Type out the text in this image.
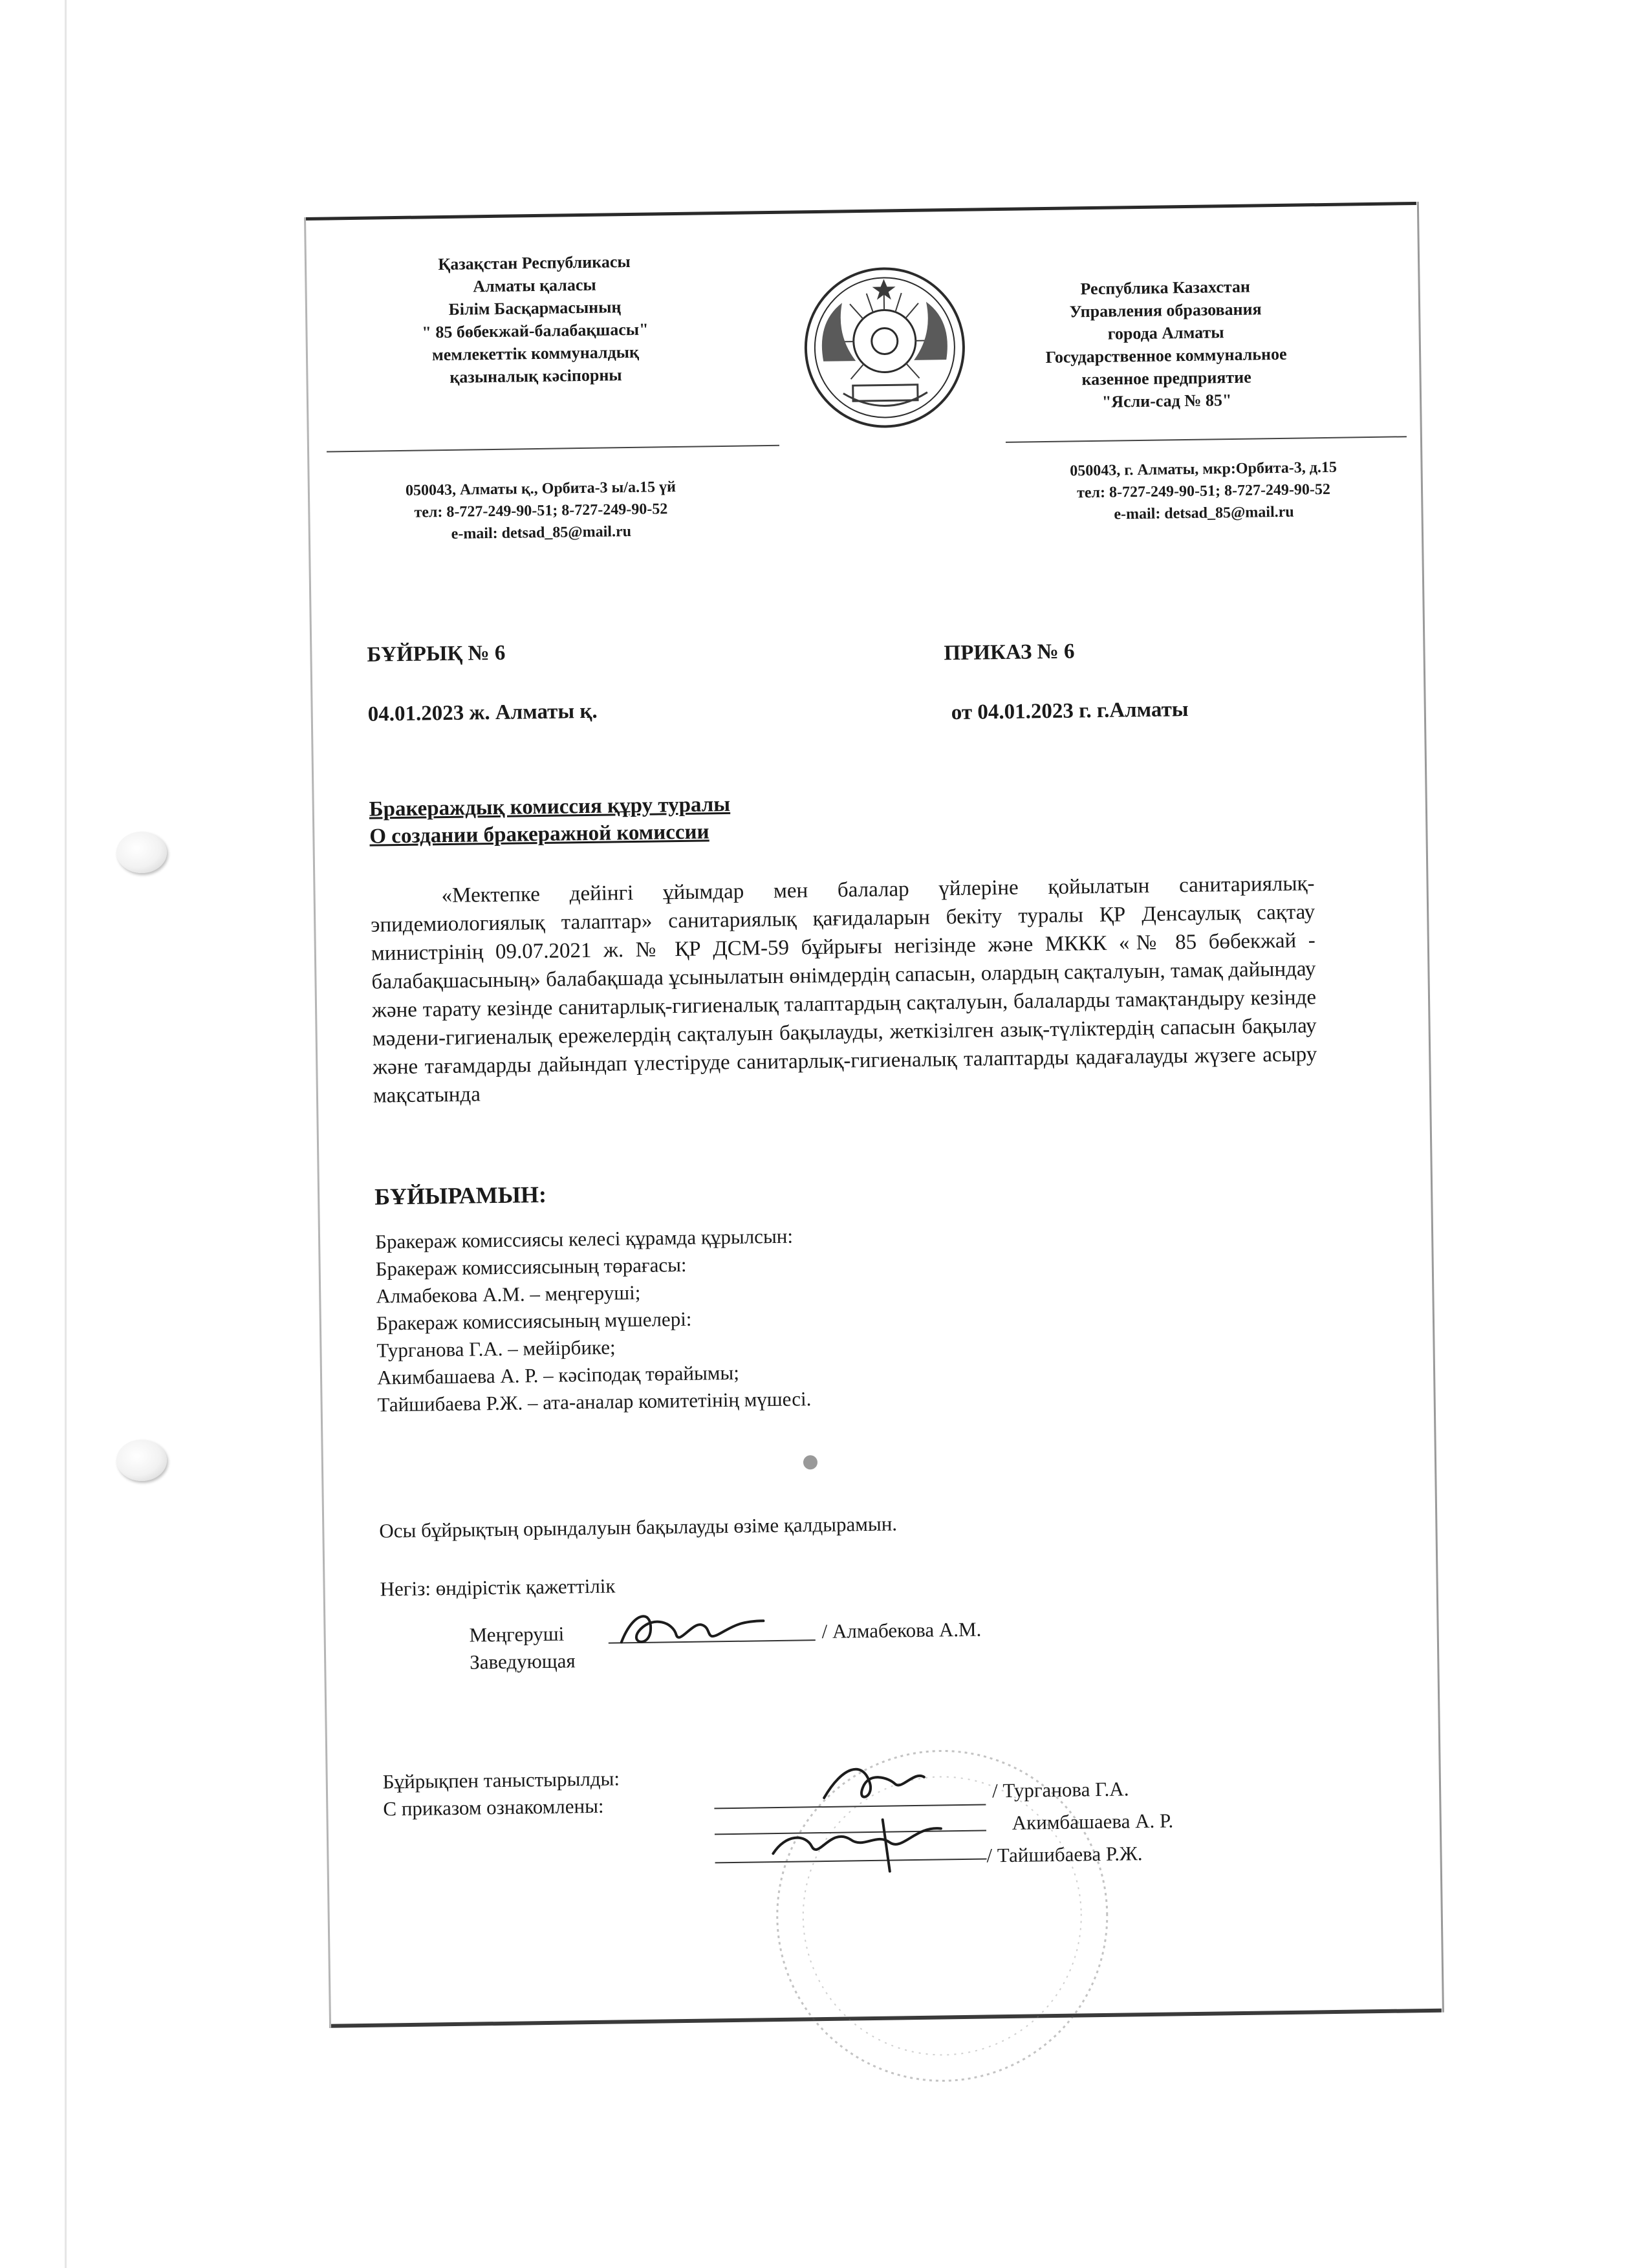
Қазақстан Республикасы
Алматы қаласы
Білім Басқармасының
" 85 бөбекжай-балабақшасы"
мемлекеттік коммуналдық
қазыналық кәсіпорны
Республика Казахстан
Управления образования
города Алматы
Государственное коммунальное
казенное предприятие
"Ясли-сад № 85"
050043, Алматы қ., Орбита-3 ы/а.15 үй
тел: 8-727-249-90-51; 8-727-249-90-52
e-mail: detsad_85@mail.ru
050043, г. Алматы, мкр:Орбита-3, д.15
тел: 8-727-249-90-51; 8-727-249-90-52
e-mail: detsad_85@mail.ru
БҰЙРЫҚ № 6	ПРИКАЗ № 6
04.01.2023 ж. Алматы қ.	от 04.01.2023 г. г.Алматы
Бракераждық комиссия құру туралы
О создании бракеражной комиссии
«Мектепке дейінгі ұйымдар мен балалар үйлеріне қойылатын санитариялық-эпидемиологиялық талаптар» санитариялық қағидаларын бекіту туралы ҚР Денсаулық сақтау министрінің 09.07.2021 ж. № ҚР ДСМ-59 бұйрығы негізінде және МККК «№ 85 бөбекжай - балабақшасының» балабақшада ұсынылатын өнімдердің сапасын, олардың сақталуын, тамақ дайындау және тарату кезінде санитарлық-гигиеналық талаптардың сақталуын, балаларды тамақтандыру кезінде мәдени-гигиеналық ережелердің сақталуын бақылауды, жеткізілген азық-түліктердің сапасын бақылау және тағамдарды дайындап үлестіруде санитарлық-гигиеналық талаптарды қадағалауды жүзеге асыру мақсатында
БҰЙЫРАМЫН:
Бракераж комиссиясы келесі құрамда құрылсын:
Бракераж комиссиясының төрағасы:
Алмабекова А.М. – меңгеруші;
Бракераж комиссиясының мүшелері:
Турганова Г.А. – мейірбике;
Акимбашаева А. Р. – кәсіподақ төрайымы;
Тайшибаева Р.Ж. – ата-аналар комитетінің мүшесі.
Осы бұйрықтың орындалуын бақылауды өзіме қалдырамын.
Негіз: өндірістік қажеттілік
Меңгеруші
Заведующая
/ Алмабекова А.М.
Бұйрықпен таныстырылды:
С приказом ознакомлены:
/ Турганова Г.А.
Акимбашаева А. Р.
/ Тайшибаева Р.Ж.
